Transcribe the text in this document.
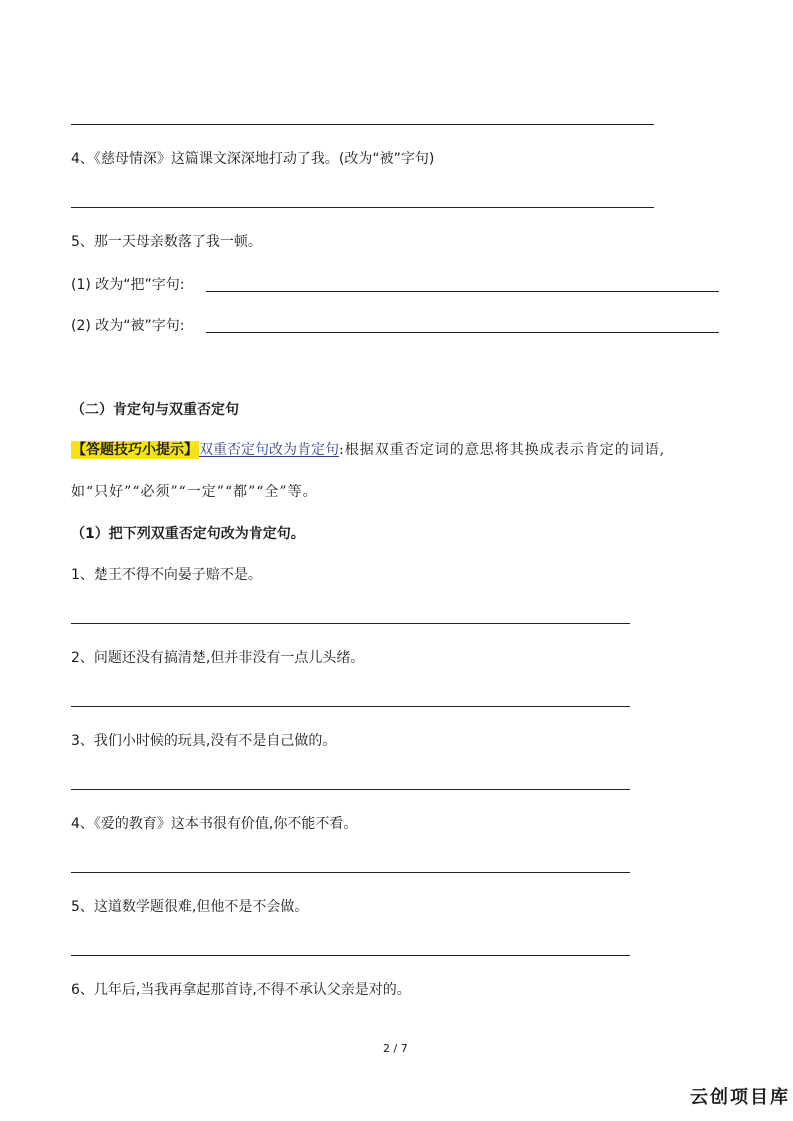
4、《慈母情深》这篇课文深深地打动了我。(改为“被”字句)
5、那一天母亲数落了我一顿。
(1) 改为“把”字句:
(2) 改为“被”字句:
（二）肯定句与双重否定句
【答题技巧小提示】双重否定句改为肯定句:根据双重否定词的意思将其换成表示肯定的词语,
如“只好”“必须”“一定”“都”“全”等。
（1）把下列双重否定句改为肯定句。
1、楚王不得不向晏子赔不是。
2、问题还没有搞清楚,但并非没有一点儿头绪。
3、我们小时候的玩具,没有不是自己做的。
4、《爱的教育》这本书很有价值,你不能不看。
5、这道数学题很难,但他不是不会做。
6、几年后,当我再拿起那首诗,不得不承认父亲是对的。
2 / 7
云创项目库
